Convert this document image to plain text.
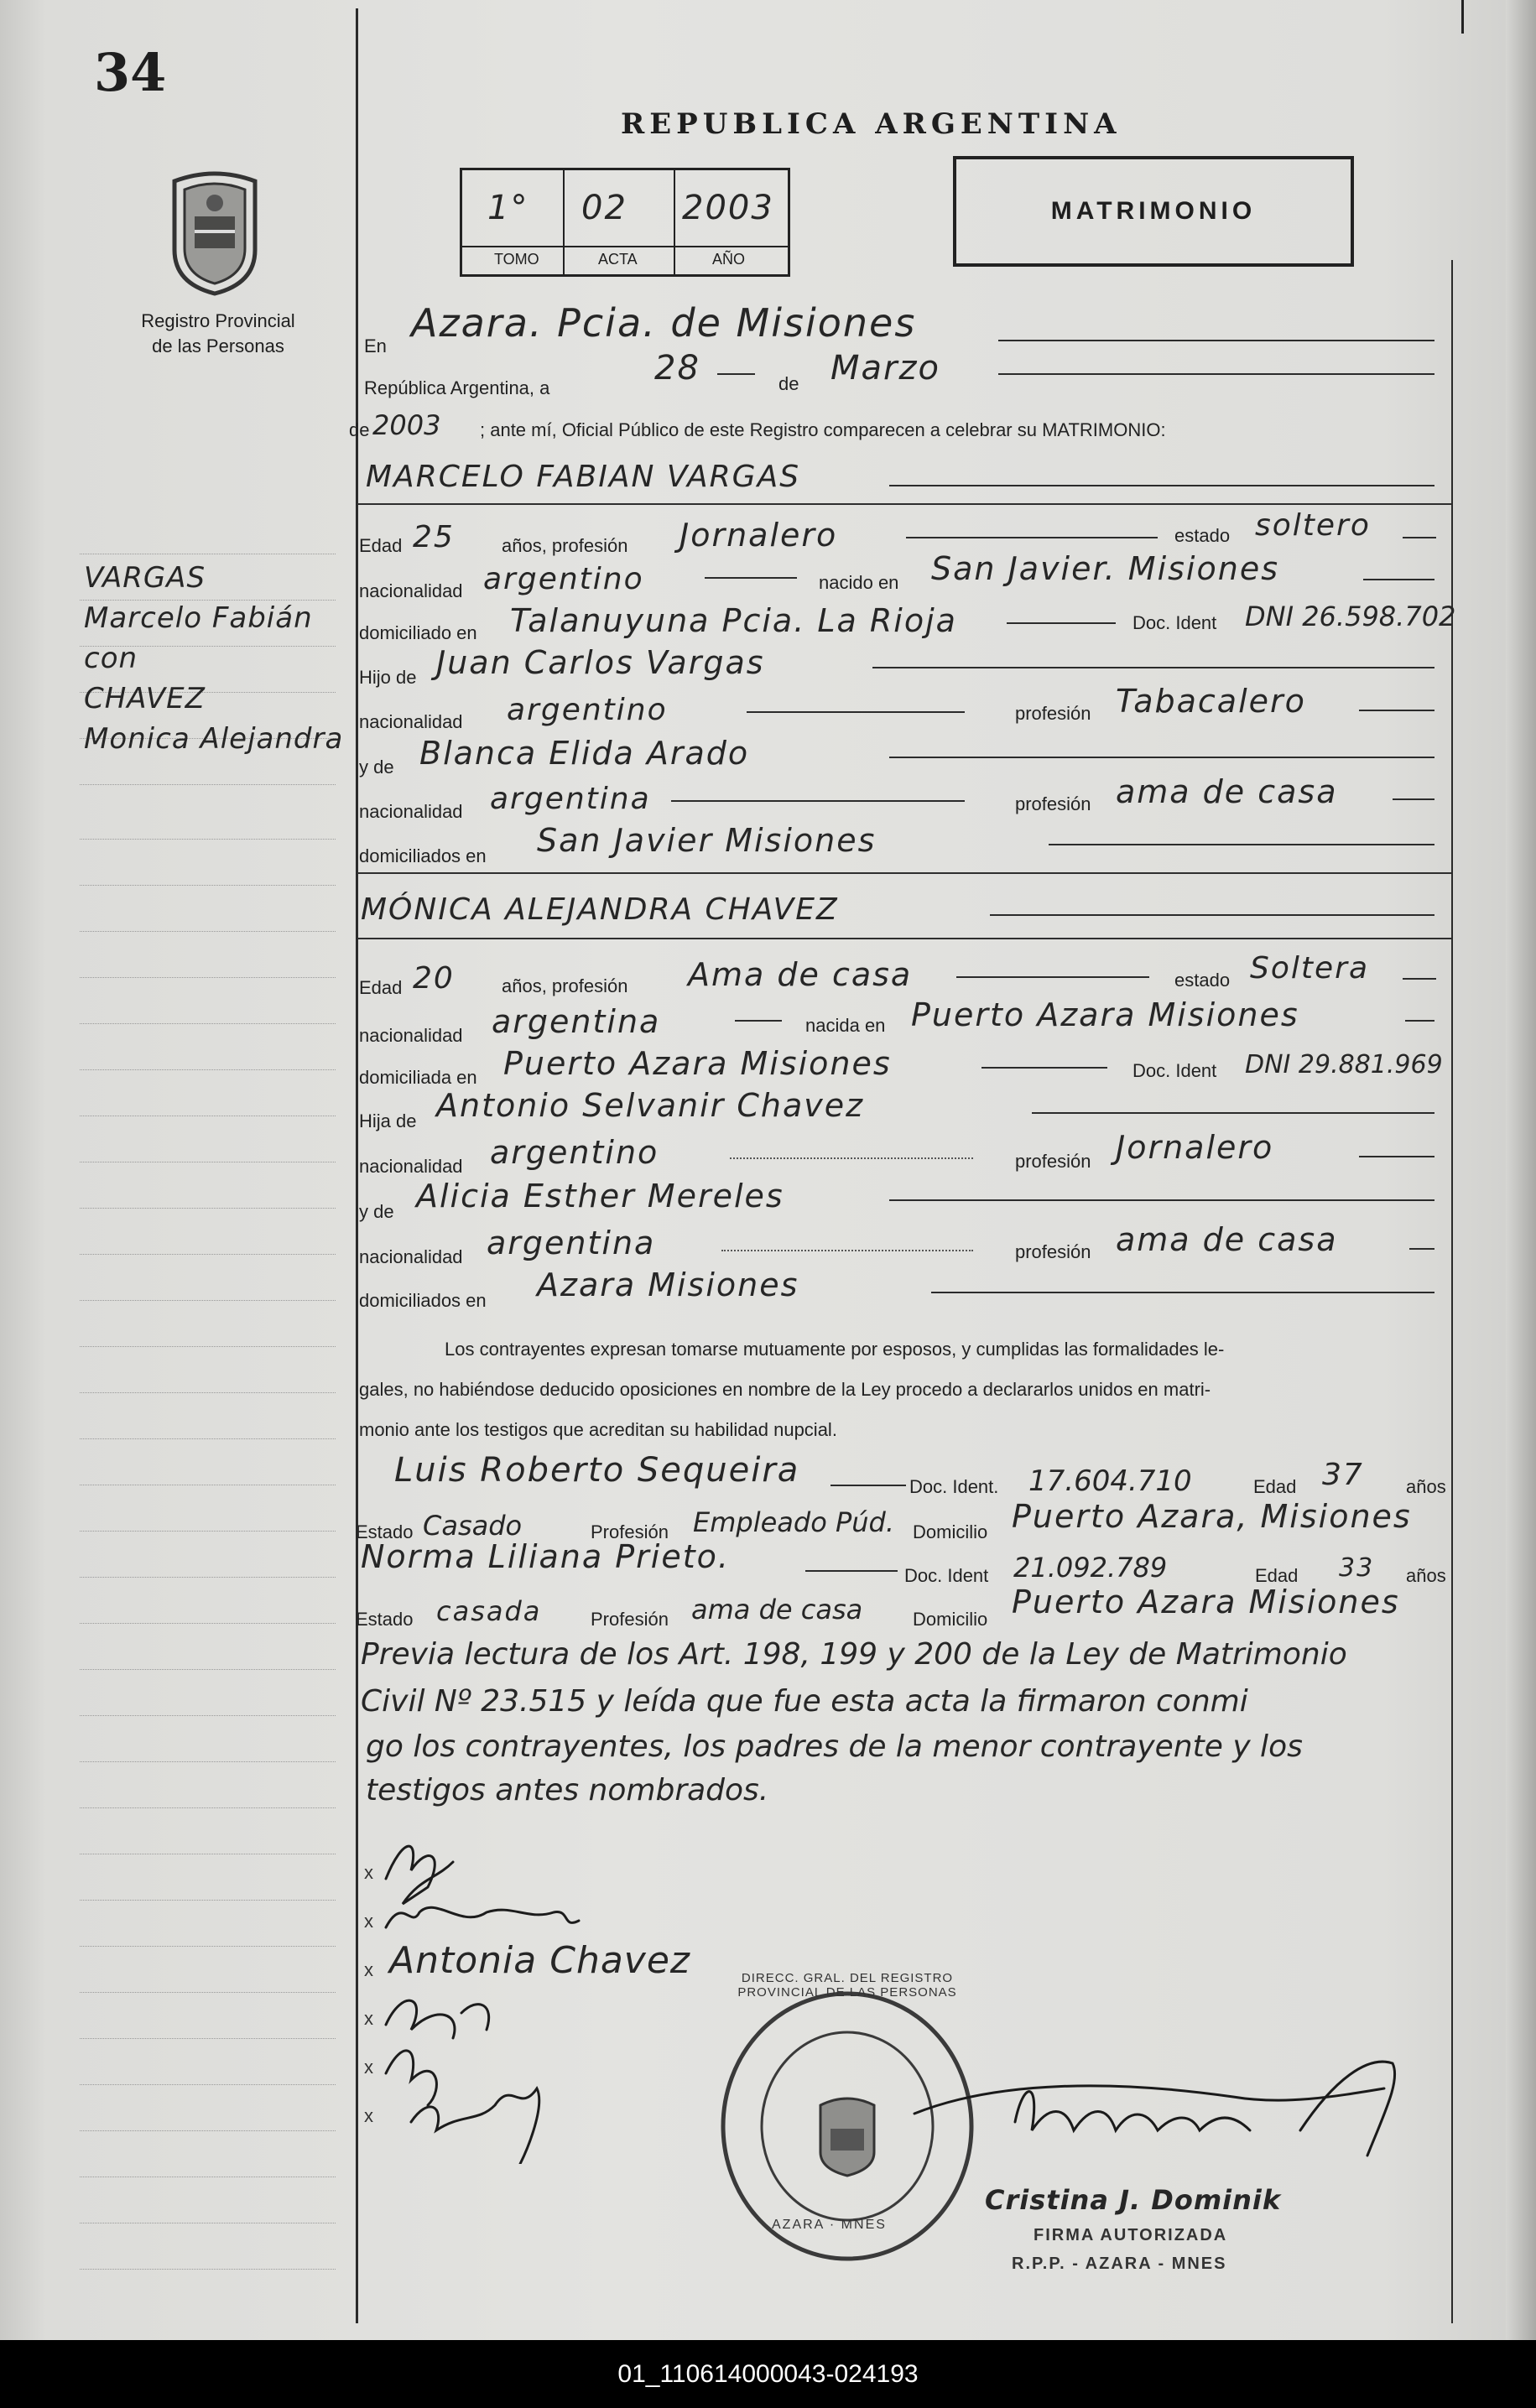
34
Registro Provincial
de las Personas
VARGAS
Marcelo Fabián
con
CHAVEZ
Monica Alejandra
REPUBLICA ARGENTINA
1° 02 2003
TOMO	ACTA	AÑO
MATRIMONIO
En
Azara. Pcia. de Misiones
República Argentina, a
28	de Marzo
de 2003 ; ante mí, Oficial Público de este Registro comparecen a celebrar su MATRIMONIO:
MARCELO FABIAN VARGAS
Edad 25	años, profesión Jornalero	estado soltero
nacionalidad argentino	nacido en San Javier. Misiones
domiciliado en Talanuyuna Pcia. La Rioja	Doc. Ident DNI 26.598.702
Hijo de Juan Carlos Vargas
nacionalidad argentino	profesión Tabacalero
y de Blanca Elida Arado
nacionalidad argentina	profesión ama de casa
domiciliados en San Javier Misiones
MÓNICA ALEJANDRA CHAVEZ
Edad 20	años, profesión Ama de casa	estado Soltera
nacionalidad argentina	nacida en Puerto Azara Misiones
domiciliada en Puerto Azara Misiones	Doc. Ident DNI 29.881.969
Hija de Antonio Selvanir Chavez
nacionalidad argentino	profesión Jornalero
y de Alicia Esther Mereles
nacionalidad argentina	profesión ama de casa
domiciliados en Azara Misiones
Los contrayentes expresan tomarse mutuamente por esposos, y cumplidas las formalidades le-
gales, no habiéndose deducido oposiciones en nombre de la Ley procedo a declararlos unidos en matri-
monio ante los testigos que acreditan su habilidad nupcial.
Luis Roberto Sequeira	Doc. Ident. 17.604.710	Edad 37 años
Estado Casado	Profesión Empleado Púd. Domicilio Puerto Azara, Misiones
Norma Liliana Prieto.
Doc. Ident 21.092.789	Edad 33 años
Estado casada	Profesión ama de casa	Domicilio Puerto Azara Misiones
Previa lectura de los Art. 198, 199 y 200 de la Ley de Matrimonio
Civil Nº 23.515 y leída que fue esta acta la firmaron conmi
go los contrayentes, los padres de la menor contrayente y los
testigos antes nombrados.
x
x
x
x
x
x
Antonia Chavez
AZARA · MNES
DIRECC. GRAL. DEL REGISTRO PROVINCIAL DE LAS PERSONAS
Cristina J. Dominik
FIRMA AUTORIZADA
R.P.P. - AZARA - MNES
01_110614000043-024193
